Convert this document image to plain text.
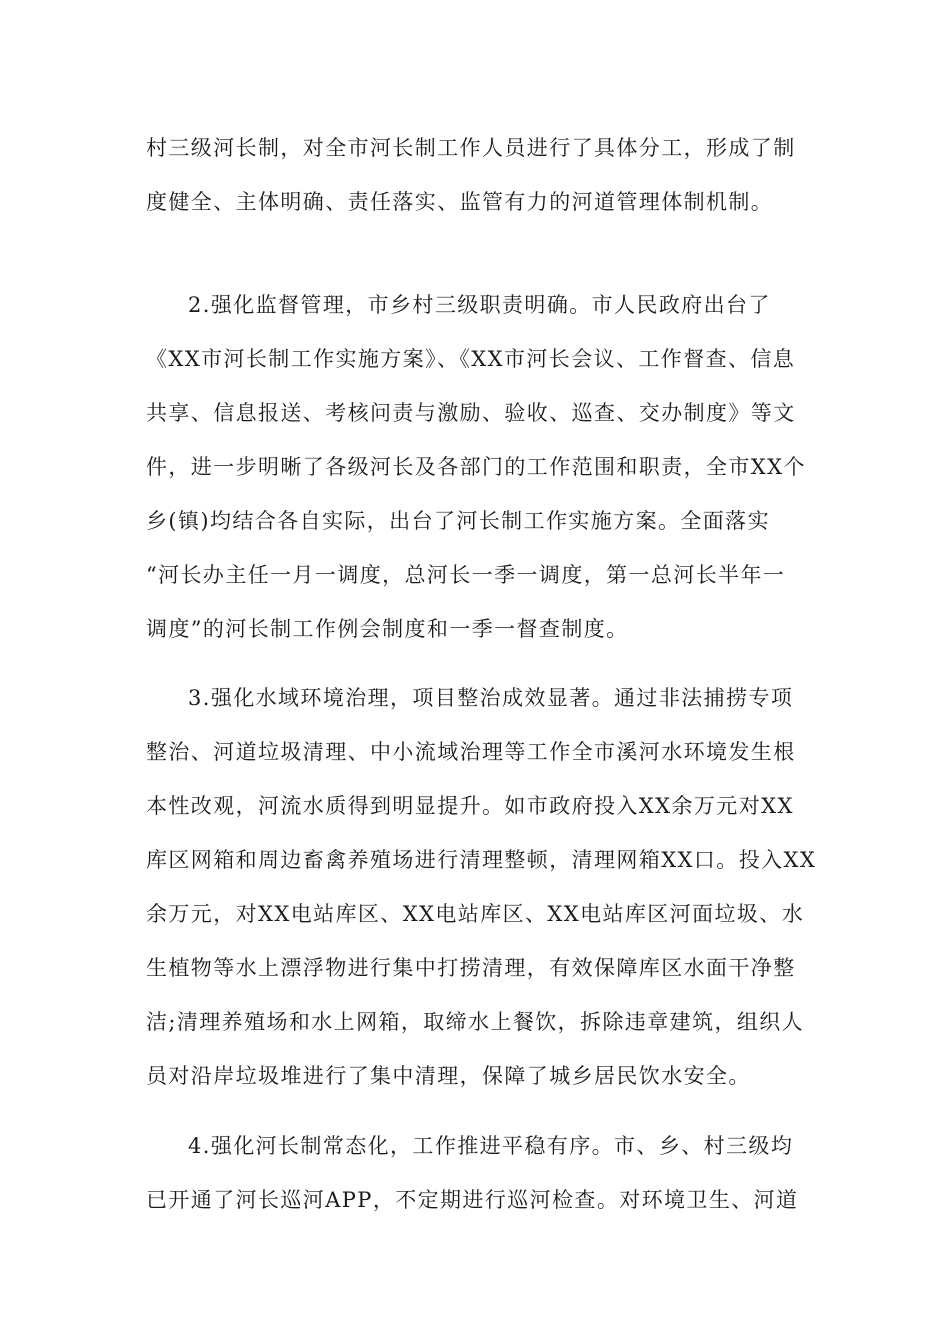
村三级河长制，对全市河长制工作人员进行了具体分工，形成了制
度健全、主体明确、责任落实、监管有力的河道管理体制机制。
2.强化监督管理，市乡村三级职责明确。市人民政府出台了
《XX市河长制工作实施方案》、《XX市河长会议、工作督查、信息
共享、信息报送、考核问责与激励、验收、巡查、交办制度》等文
件，进一步明晰了各级河长及各部门的工作范围和职责，全市XX个
乡(镇)均结合各自实际，出台了河长制工作实施方案。全面落实
“河长办主任一月一调度，总河长一季一调度，第一总河长半年一
调度”的河长制工作例会制度和一季一督查制度。
3.强化水域环境治理，项目整治成效显著。通过非法捕捞专项
整治、河道垃圾清理、中小流域治理等工作全市溪河水环境发生根
本性改观，河流水质得到明显提升。如市政府投入XX余万元对XX
库区网箱和周边畜禽养殖场进行清理整顿，清理网箱XX口。投入XX
余万元，对XX电站库区、XX电站库区、XX电站库区河面垃圾、水
生植物等水上漂浮物进行集中打捞清理，有效保障库区水面干净整
洁;清理养殖场和水上网箱，取缔水上餐饮，拆除违章建筑，组织人
员对沿岸垃圾堆进行了集中清理，保障了城乡居民饮水安全。
4.强化河长制常态化，工作推进平稳有序。市、乡、村三级均
已开通了河长巡河APP，不定期进行巡河检查。对环境卫生、河道
